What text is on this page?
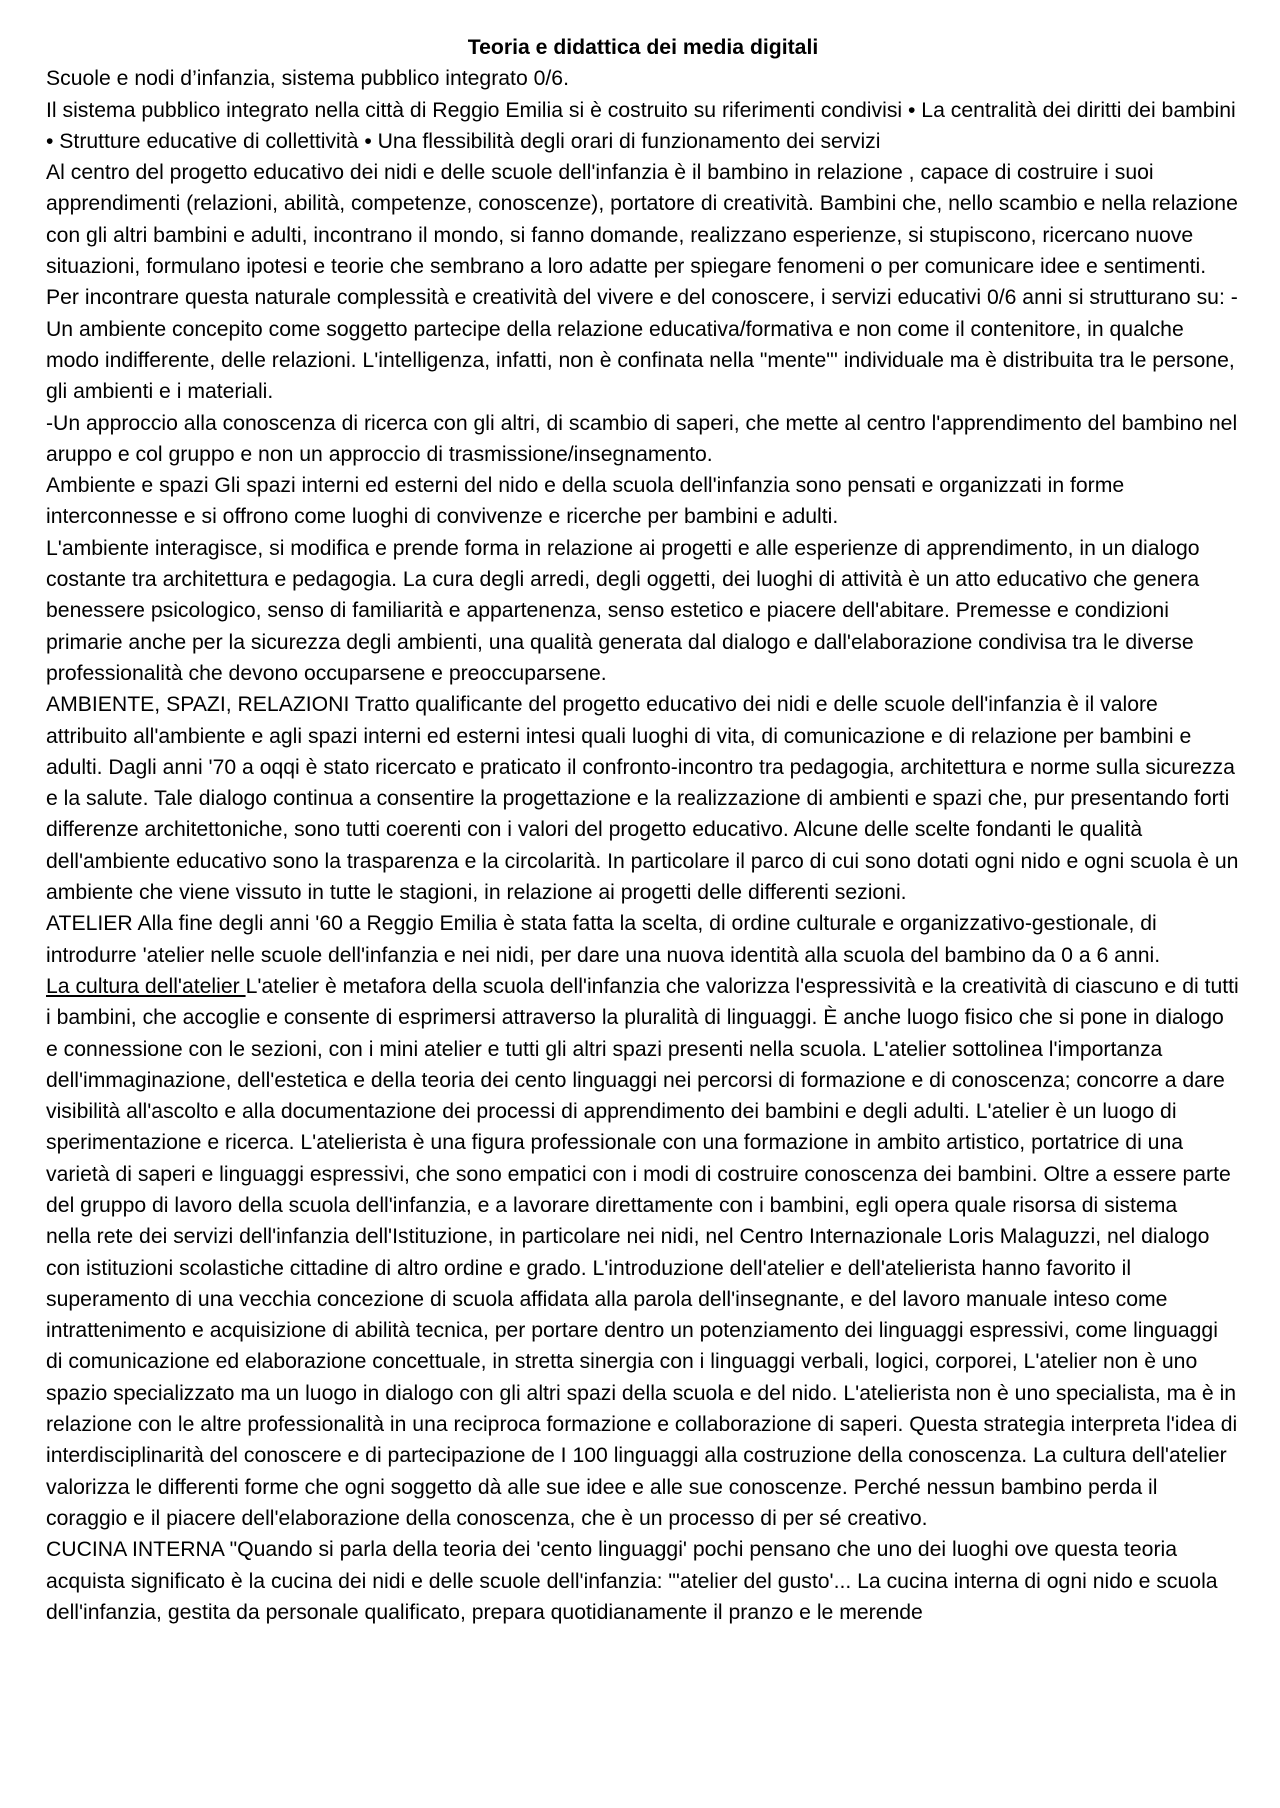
Teoria e didattica dei media digitali

Scuole e nodi d’infanzia, sistema pubblico integrato 0/6.

Il sistema pubblico integrato nella città di Reggio Emilia si è costruito su riferimenti condivisi • La centralità dei diritti dei bambini • Strutture educative di collettività • Una flessibilità degli orari di funzionamento dei servizi

Al centro del progetto educativo dei nidi e delle scuole dell'infanzia è il bambino in relazione , capace di costruire i suoi apprendimenti (relazioni, abilità, competenze, conoscenze), portatore di creatività. Bambini che, nello scambio e nella relazione con gli altri bambini e adulti, incontrano il mondo, si fanno domande, realizzano esperienze, si stupiscono, ricercano nuove situazioni, formulano ipotesi e teorie che sembrano a loro adatte per spiegare fenomeni o per comunicare idee e sentimenti. Per incontrare questa naturale complessità e creatività del vivere e del conoscere, i servizi educativi 0/6 anni si strutturano su: -Un ambiente concepito come soggetto partecipe della relazione educativa/formativa e non come il contenitore, in qualche modo indifferente, delle relazioni. L'intelligenza, infatti, non è confinata nella "mente"' individuale ma è distribuita tra le persone, gli ambienti e i materiali.

-Un approccio alla conoscenza di ricerca con gli altri, di scambio di saperi, che mette al centro l'apprendimento del bambino nel aruppo e col gruppo e non un approccio di trasmissione/insegnamento.

Ambiente e spazi Gli spazi interni ed esterni del nido e della scuola dell'infanzia sono pensati e organizzati in forme interconnesse e si offrono come luoghi di convivenze e ricerche per bambini e adulti.

L'ambiente interagisce, si modifica e prende forma in relazione ai progetti e alle esperienze di apprendimento, in un dialogo costante tra architettura e pedagogia. La cura degli arredi, degli oggetti, dei luoghi di attività è un atto educativo che genera benessere psicologico, senso di familiarità e appartenenza, senso estetico e piacere dell'abitare. Premesse e condizioni primarie anche per la sicurezza degli ambienti, una qualità generata dal dialogo e dall'elaborazione condivisa tra le diverse professionalità che devono occuparsene e preoccuparsene.

AMBIENTE, SPAZI, RELAZIONI Tratto qualificante del progetto educativo dei nidi e delle scuole dell'infanzia è il valore attribuito all'ambiente e agli spazi interni ed esterni intesi quali luoghi di vita, di comunicazione e di relazione per bambini e adulti. Dagli anni '70 a oqqi è stato ricercato e praticato il confronto-incontro tra pedagogia, architettura e norme sulla sicurezza e la salute. Tale dialogo continua a consentire la progettazione e la realizzazione di ambienti e spazi che, pur presentando forti differenze architettoniche, sono tutti coerenti con i valori del progetto educativo. Alcune delle scelte fondanti le qualità dell'ambiente educativo sono la trasparenza e la circolarità. In particolare il parco di cui sono dotati ogni nido e ogni scuola è un ambiente che viene vissuto in tutte le stagioni, in relazione ai progetti delle differenti sezioni.

ATELIER Alla fine degli anni '60 a Reggio Emilia è stata fatta la scelta, di ordine culturale e organizzativo-gestionale, di introdurre 'atelier nelle scuole dell'infanzia e nei nidi, per dare una nuova identità alla scuola del bambino da 0 a 6 anni.

La cultura dell'atelier L'atelier è metafora della scuola dell'infanzia che valorizza l'espressività e la creatività di ciascuno e di tutti i bambini, che accoglie e consente di esprimersi attraverso la pluralità di linguaggi. È anche luogo fisico che si pone in dialogo e connessione con le sezioni, con i mini atelier e tutti gli altri spazi presenti nella scuola. L'atelier sottolinea l'importanza dell'immaginazione, dell'estetica e della teoria dei cento linguaggi nei percorsi di formazione e di conoscenza; concorre a dare visibilità all'ascolto e alla documentazione dei processi di apprendimento dei bambini e degli adulti. L'atelier è un luogo di sperimentazione e ricerca. L'atelierista è una figura professionale con una formazione in ambito artistico, portatrice di una varietà di saperi e linguaggi espressivi, che sono empatici con i modi di costruire conoscenza dei bambini. Oltre a essere parte del gruppo di lavoro della scuola dell'infanzia, e a lavorare direttamente con i bambini, egli opera quale risorsa di sistema

nella rete dei servizi dell'infanzia dell'Istituzione, in particolare nei nidi, nel Centro Internazionale Loris Malaguzzi, nel dialogo con istituzioni scolastiche cittadine di altro ordine e grado. L'introduzione dell'atelier e dell'atelierista hanno favorito il superamento di una vecchia concezione di scuola affidata alla parola dell'insegnante, e del lavoro manuale inteso come intrattenimento e acquisizione di abilità tecnica, per portare dentro un potenziamento dei linguaggi espressivi, come linguaggi di comunicazione ed elaborazione concettuale, in stretta sinergia con i linguaggi verbali, logici, corporei, L'atelier non è uno spazio specializzato ma un luogo in dialogo con gli altri spazi della scuola e del nido. L'atelierista non è uno specialista, ma è in relazione con le altre professionalità in una reciproca formazione e collaborazione di saperi. Questa strategia interpreta l'idea di interdisciplinarità del conoscere e di partecipazione de I 100 linguaggi alla costruzione della conoscenza. La cultura dell'atelier valorizza le differenti forme che ogni soggetto dà alle sue idee e alle sue conoscenze. Perché nessun bambino perda il coraggio e il piacere dell'elaborazione della conoscenza, che è un processo di per sé creativo.

CUCINA INTERNA "Quando si parla della teoria dei 'cento linguaggi' pochi pensano che uno dei luoghi ove questa teoria acquista significato è la cucina dei nidi e delle scuole dell'infanzia: "'atelier del gusto'... La cucina interna di ogni nido e scuola dell'infanzia, gestita da personale qualificato, prepara quotidianamente il pranzo e le merende
